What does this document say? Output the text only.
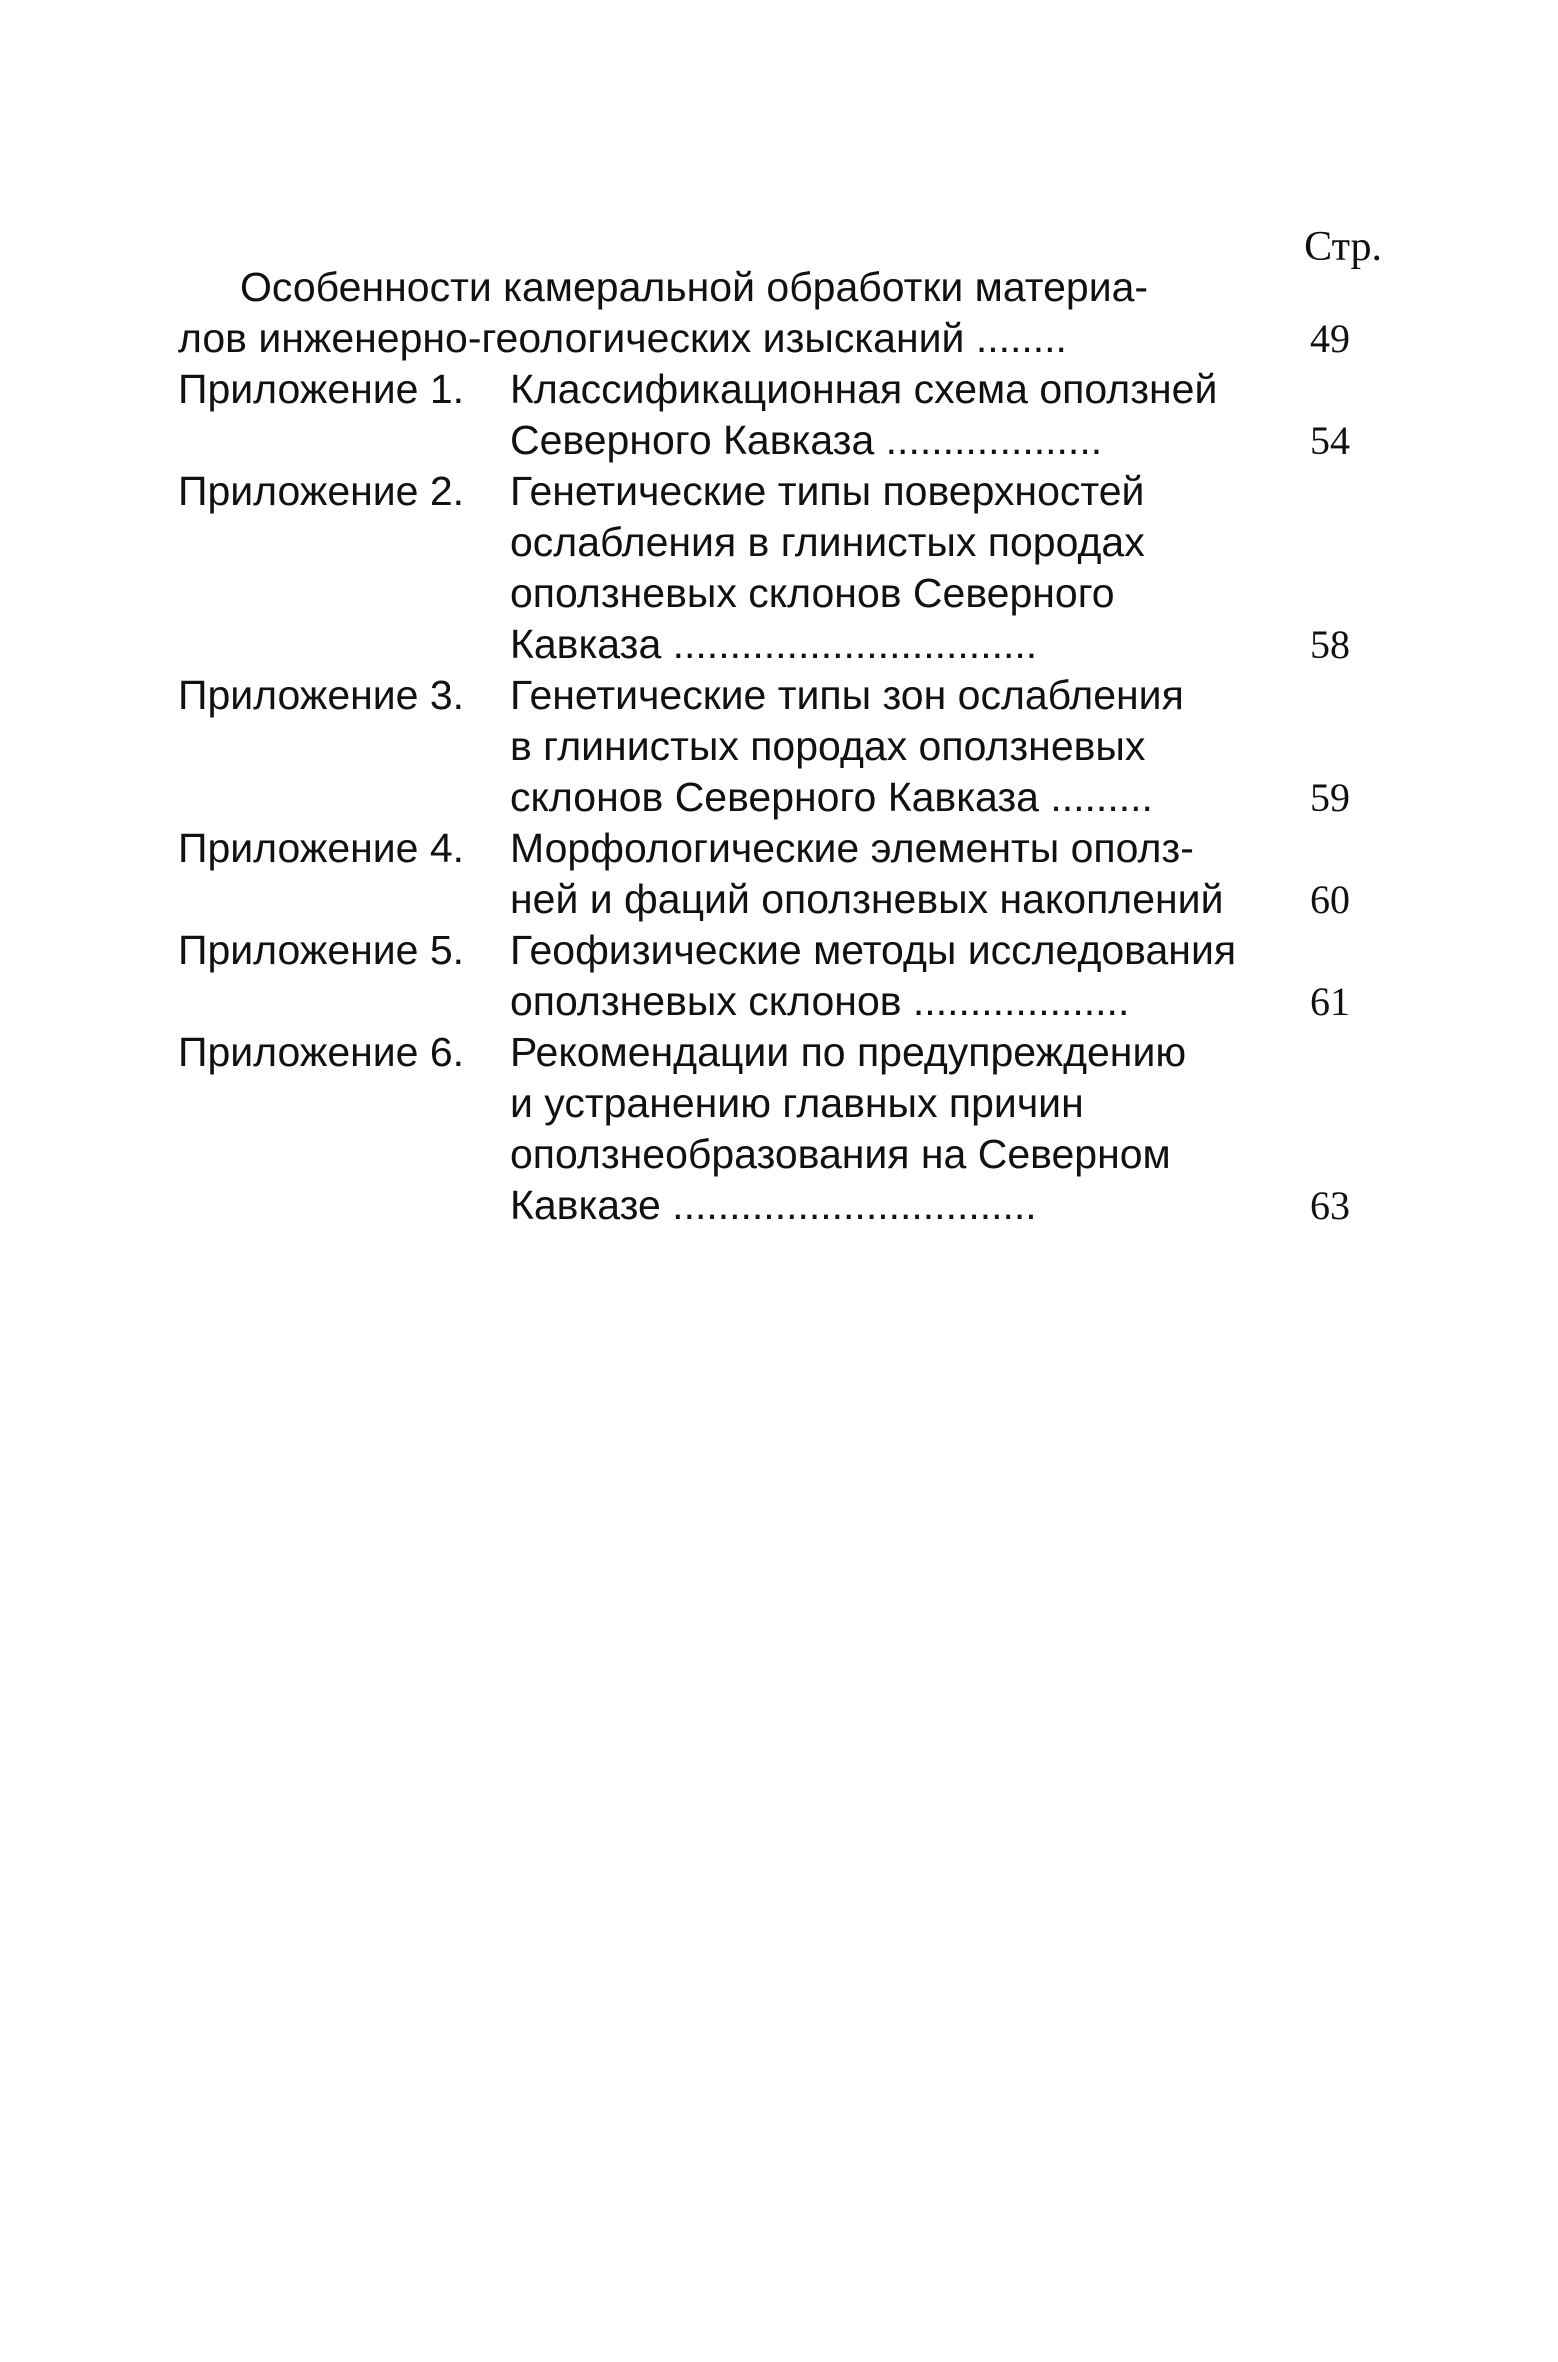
Стр.
Особенности камеральной обработки материа-
лов инженерно-геологических изысканий ........	49
Приложение 1.	Классификационная схема оползней
Северного Кавказа ...................	54
Приложение 2.	Генетические типы поверхностей
ослабления в глинистых породах
оползневых склонов Северного
Кавказа ................................	58
Приложение 3.	Генетические типы зон ослабления
в глинистых породах оползневых
склонов Северного Кавказа .........	59
Приложение 4.	Морфологические элементы ополз-
ней и фаций оползневых накоплений	60
Приложение 5.	Геофизические методы исследования
оползневых склонов ...................	61
Приложение 6.	Рекомендации по предупреждению
и устранению главных причин
оползнеобразования на Северном
Кавказе ................................	63
